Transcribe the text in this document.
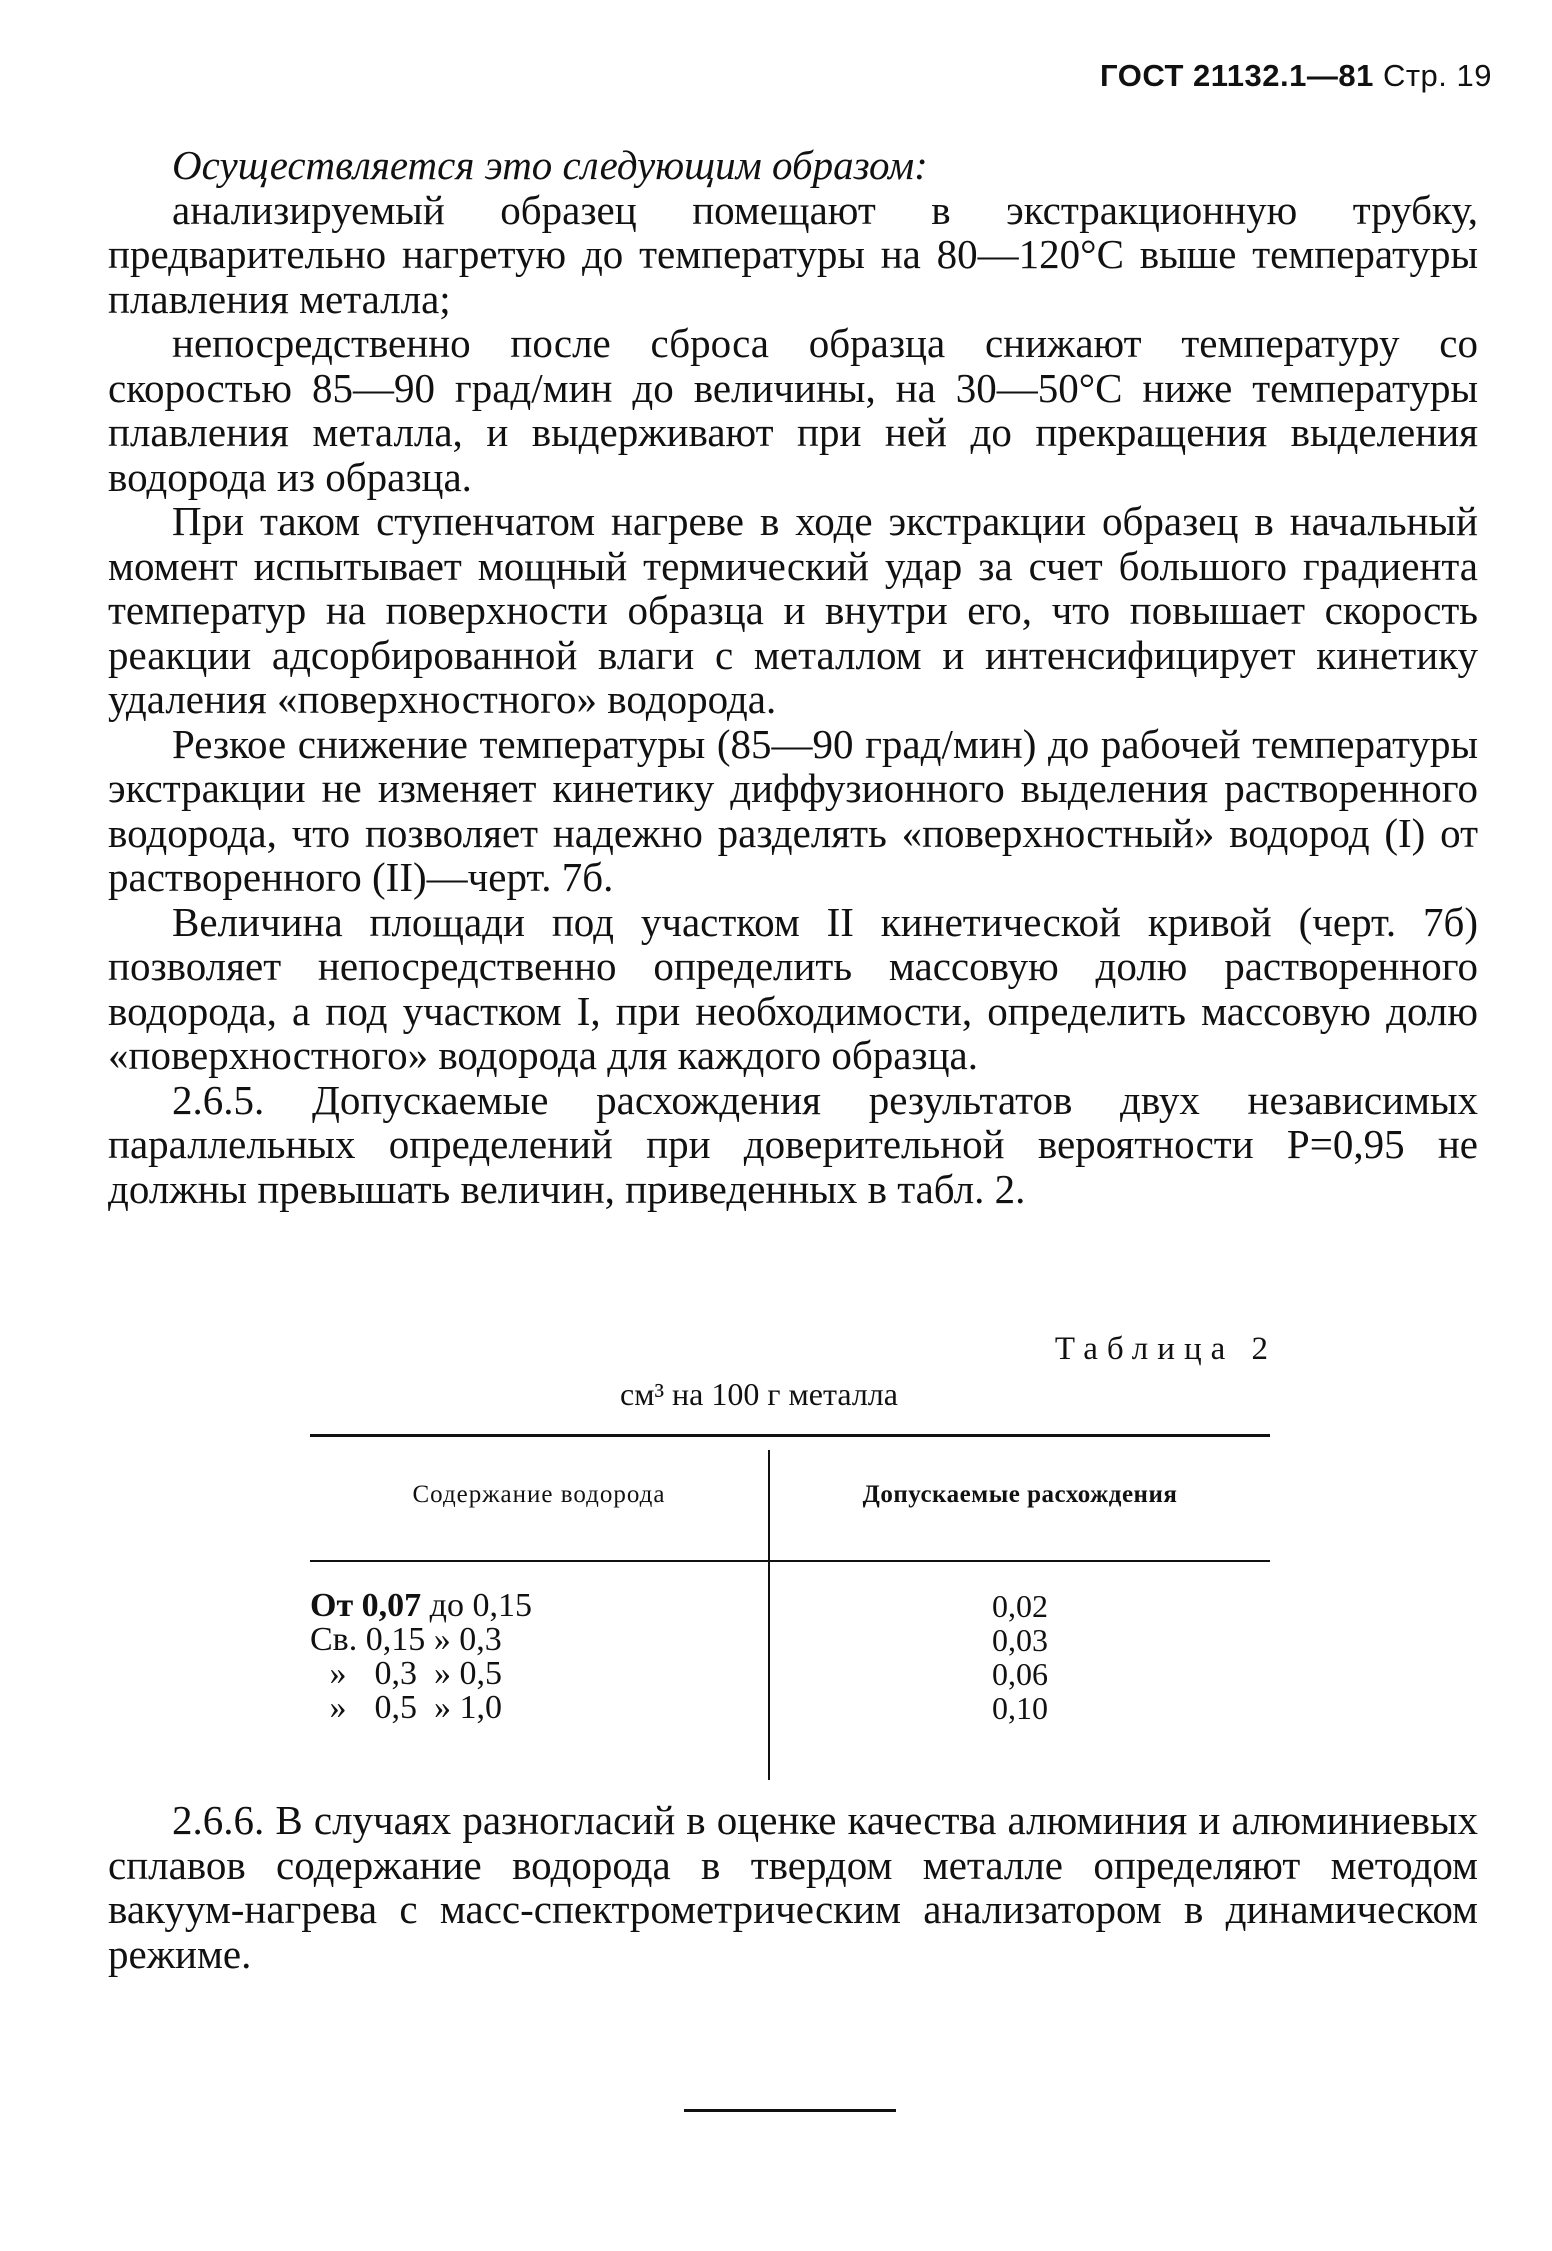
ГОСТ 21132.1—81 Стр. 19

Осуществляется это следующим образом:

анализируемый образец помещают в экстракционную трубку, предварительно нагретую до температуры на 80—120°С выше температуры плавления металла;

непосредственно после сброса образца снижают температуру со скоростью 85—90 град/мин до величины, на 30—50°С ниже температуры плавления металла, и выдерживают при ней до прекращения выделения водорода из образца.

При таком ступенчатом нагреве в ходе экстракции образец в начальный момент испытывает мощный термический удар за счет большого градиента температур на поверхности образца и внутри его, что повышает скорость реакции адсорбированной влаги с металлом и интенсифицирует кинетику удаления «поверхностного» водорода.

Резкое снижение температуры (85—90 град/мин) до рабочей температуры экстракции не изменяет кинетику диффузионного выделения растворенного водорода, что позволяет надежно разделять «поверхностный» водород (I) от растворенного (II)—черт. 7б.

Величина площади под участком II кинетической кривой (черт. 7б) позволяет непосредственно определить массовую долю растворенного водорода, а под участком I, при необходимости, определить массовую долю «поверхностного» водорода для каждого образца.

2.6.5. Допускаемые расхождения результатов двух независимых параллельных определений при доверительной вероятности Р=0,95 не должны превышать величин, приведенных в табл. 2.

Таблица 2
см³ на 100 г металла
Содержание водорода	Допускаемые расхождения
От 0,07 до 0,15
Св. 0,15 » 0,3
» 0,3 » 0,5
» 0,5 » 1,0
0,02
0,03
0,06
0,10

2.6.6. В случаях разногласий в оценке качества алюминия и алюминиевых сплавов содержание водорода в твердом металле определяют методом вакуум-нагрева с масс-спектрометрическим анализатором в динамическом режиме.
